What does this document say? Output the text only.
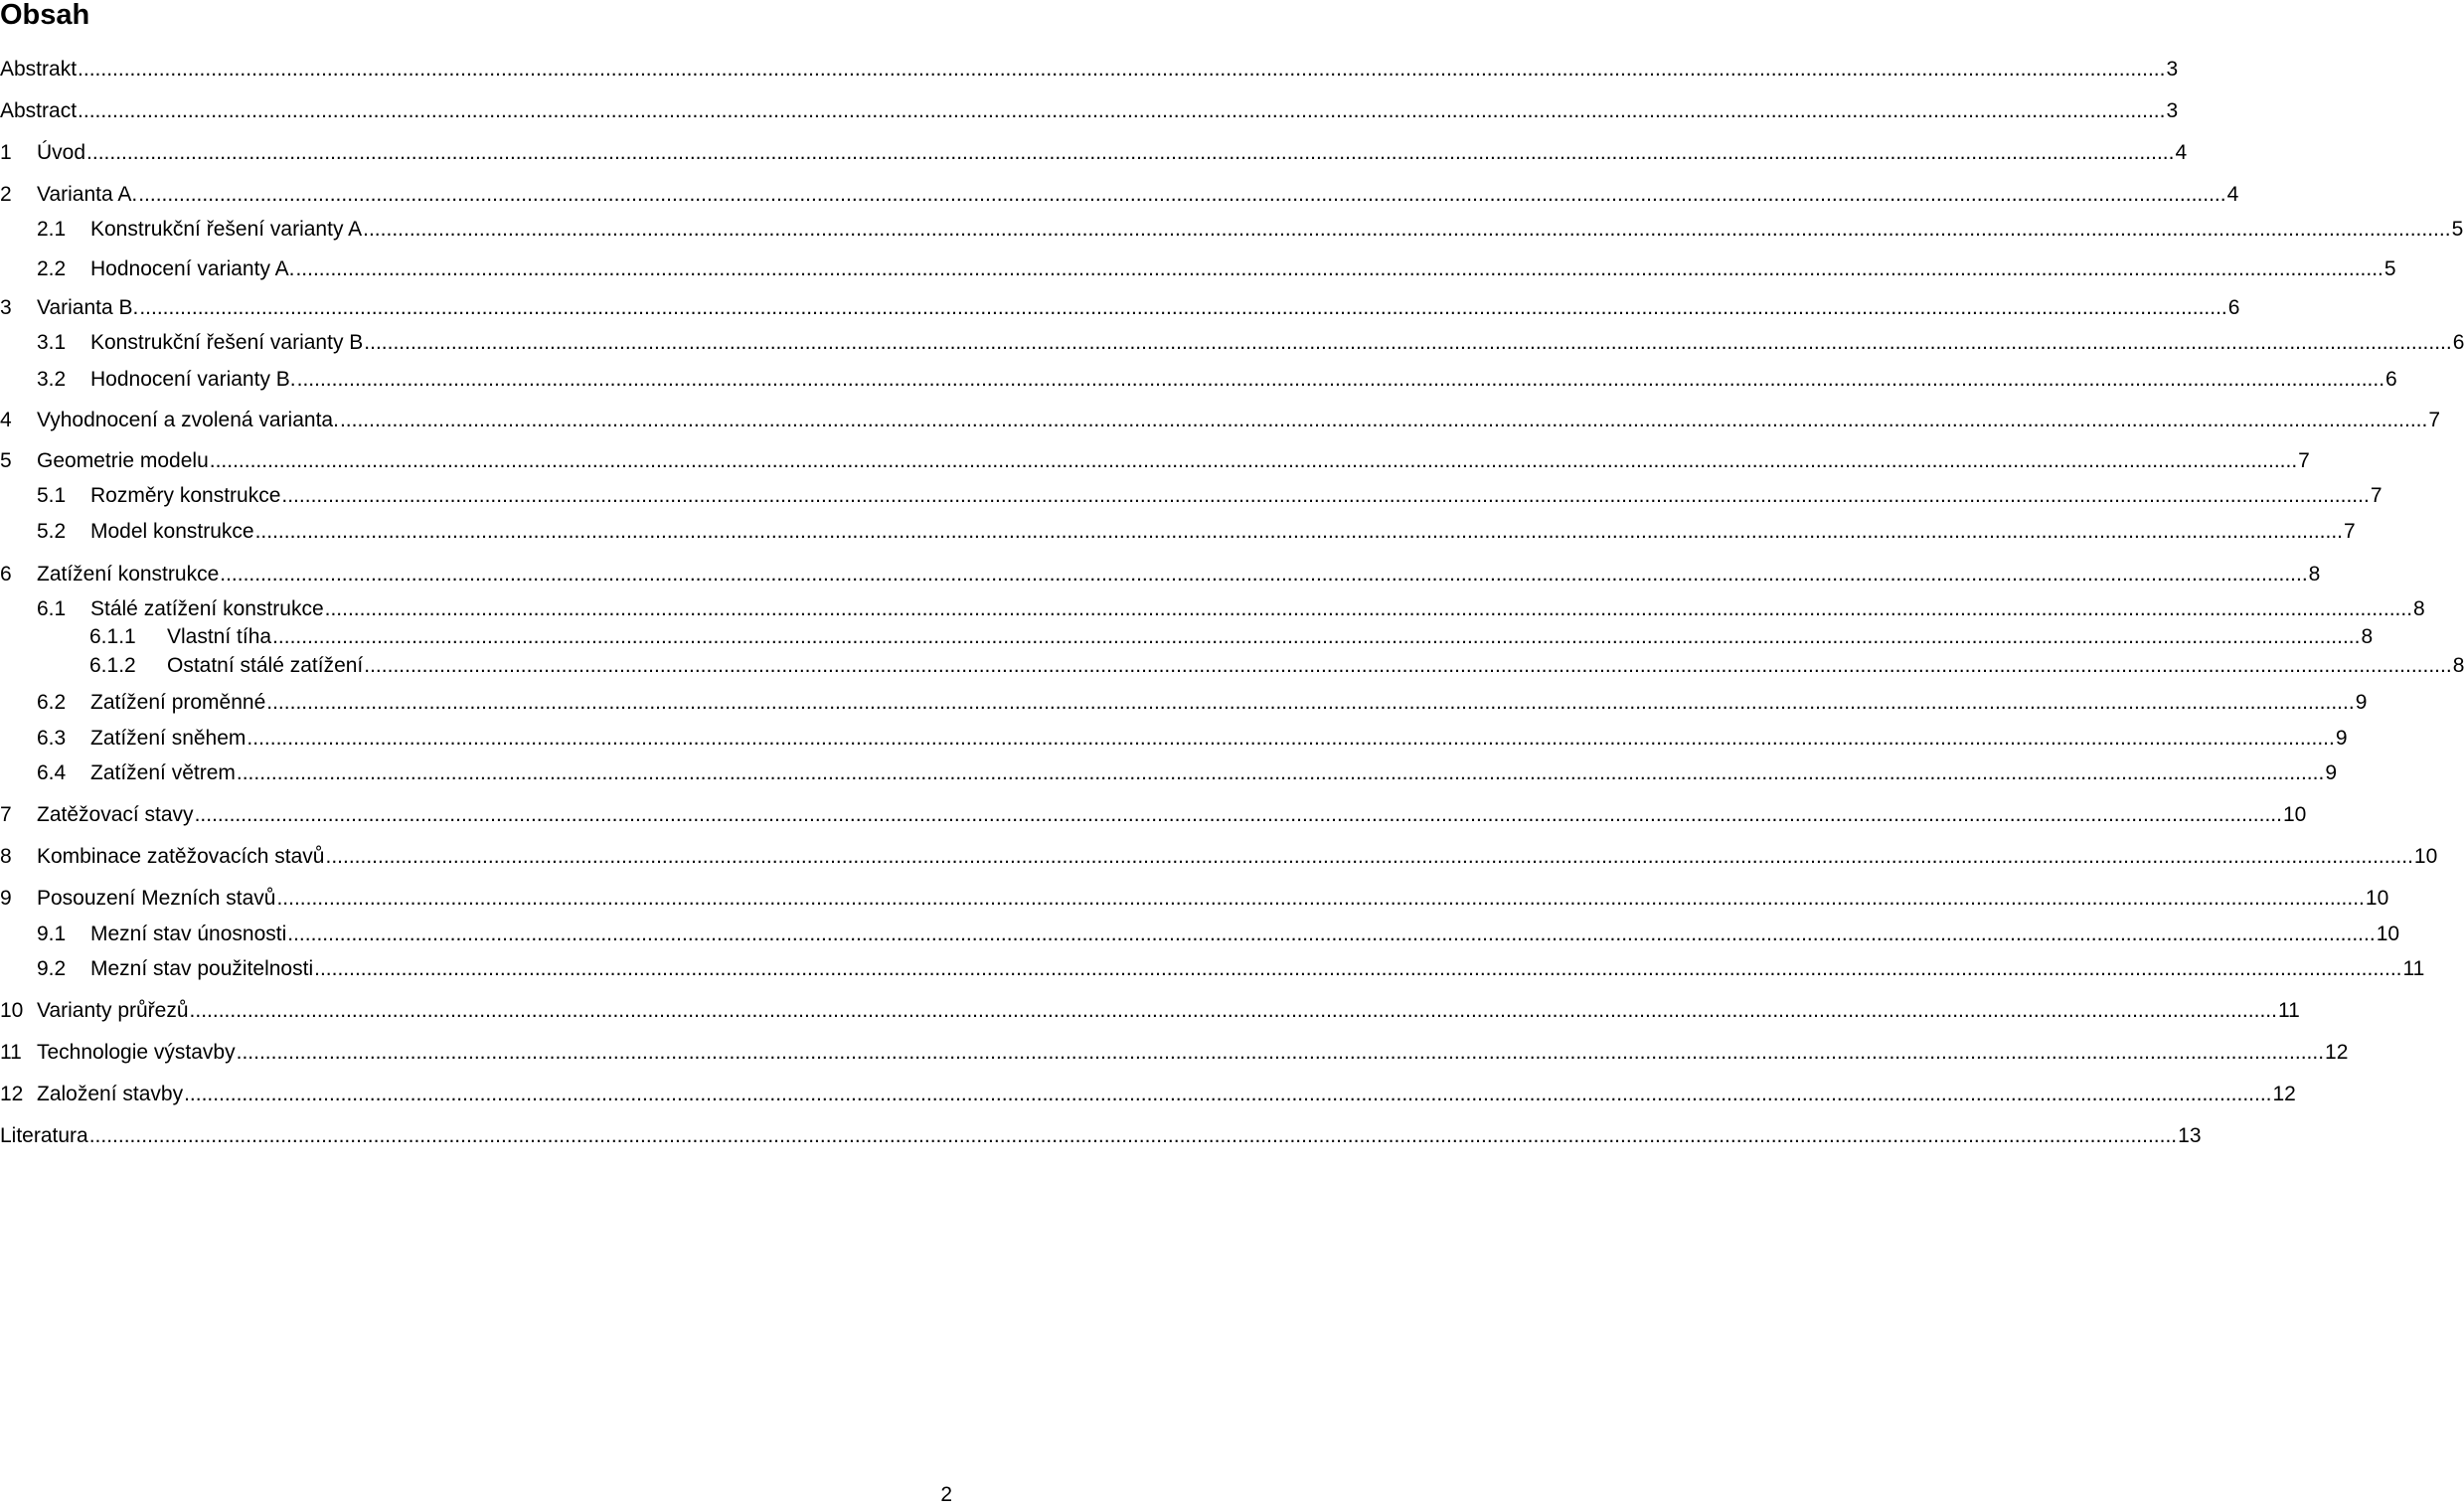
Obsah
Abstrakt .....	3
Abstract .....	3
1	Úvod .....	4
2	Varianta A. .....	4
2.1	Konstrukční řešení varianty A .....	5
2.2	Hodnocení varianty A. .....	5
3	Varianta B. .....	6
3.1	Konstrukční řešení varianty B .....	6
3.2	Hodnocení varianty B. .....	6
4	Vyhodnocení a zvolená varianta. .....	7
5	Geometrie modelu .....	7
5.1	Rozměry konstrukce .....	7
5.2	Model konstrukce .....	7
6	Zatížení konstrukce .....	8
6.1	Stálé zatížení konstrukce .....	8
6.1.1	Vlastní tíha .....	8
6.1.2	Ostatní stálé zatížení .....	8
6.2	Zatížení proměnné .....	9
6.3	Zatížení sněhem .....	9
6.4	Zatížení větrem .....	9
7	Zatěžovací stavy .....	10
8	Kombinace zatěžovacích stavů .....	10
9	Posouzení Mezních stavů .....	10
9.1	Mezní stav únosnosti .....	10
9.2	Mezní stav použitelnosti .....	11
10 Varianty průřezů .....	11
11 Technologie výstavby .....	12
12 Založení stavby .....	12
Literatura .....	13
2
